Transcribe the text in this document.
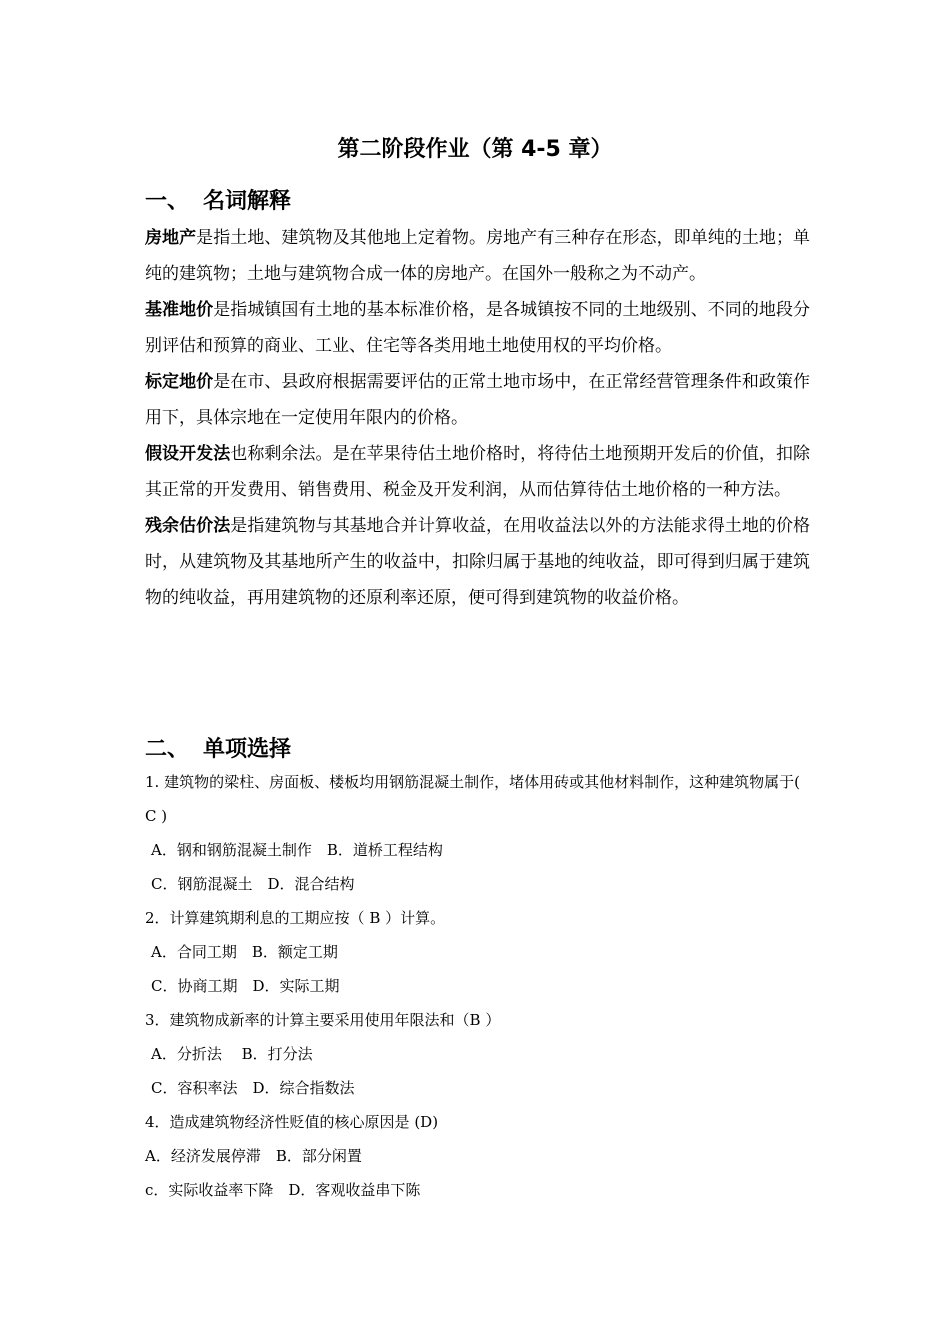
第二阶段作业（第 4-5 章）
一、 名词解释

房地产是指土地、建筑物及其他地上定着物。房地产有三种存在形态，即单纯的土地；单纯的建筑物；土地与建筑物合成一体的房地产。在国外一般称之为不动产。

基准地价是指城镇国有土地的基本标准价格，是各城镇按不同的土地级别、不同的地段分别评估和预算的商业、工业、住宅等各类用地土地使用权的平均价格。

标定地价是在市、县政府根据需要评估的正常土地市场中，在正常经营管理条件和政策作用下，具体宗地在一定使用年限内的价格。

假设开发法也称剩余法。是在苹果待估土地价格时，将待估土地预期开发后的价值，扣除其正常的开发费用、销售费用、税金及开发利润，从而估算待估土地价格的一种方法。

残余估价法是指建筑物与其基地合并计算收益，在用收益法以外的方法能求得土地的价格时，从建筑物及其基地所产生的收益中，扣除归属于基地的纯收益，即可得到归属于建筑物的纯收益，再用建筑物的还原利率还原，便可得到建筑物的收益价格。

二、 单项选择

1. 建筑物的梁柱、房面板、楼板均用钢筋混凝土制作，堵体用砖或其他材料制作，这种建筑物属于( C )

A．钢和钢筋混凝土制作　B．道桥工程结构

C．钢筋混凝土　D．混合结构

2．计算建筑期利息的工期应按（ B ）计算。

A．合同工期　B．额定工期

C．协商工期　D．实际工期

3．建筑物成新率的计算主要采用使用年限法和（B ）

A．分折法　 B．打分法

C．容积率法　D．综合指数法

4．造成建筑物经济性贬值的核心原因是 (D)

A．经济发展停滞　B．部分闲置

c．实际收益率下降　D．客观收益串下陈
